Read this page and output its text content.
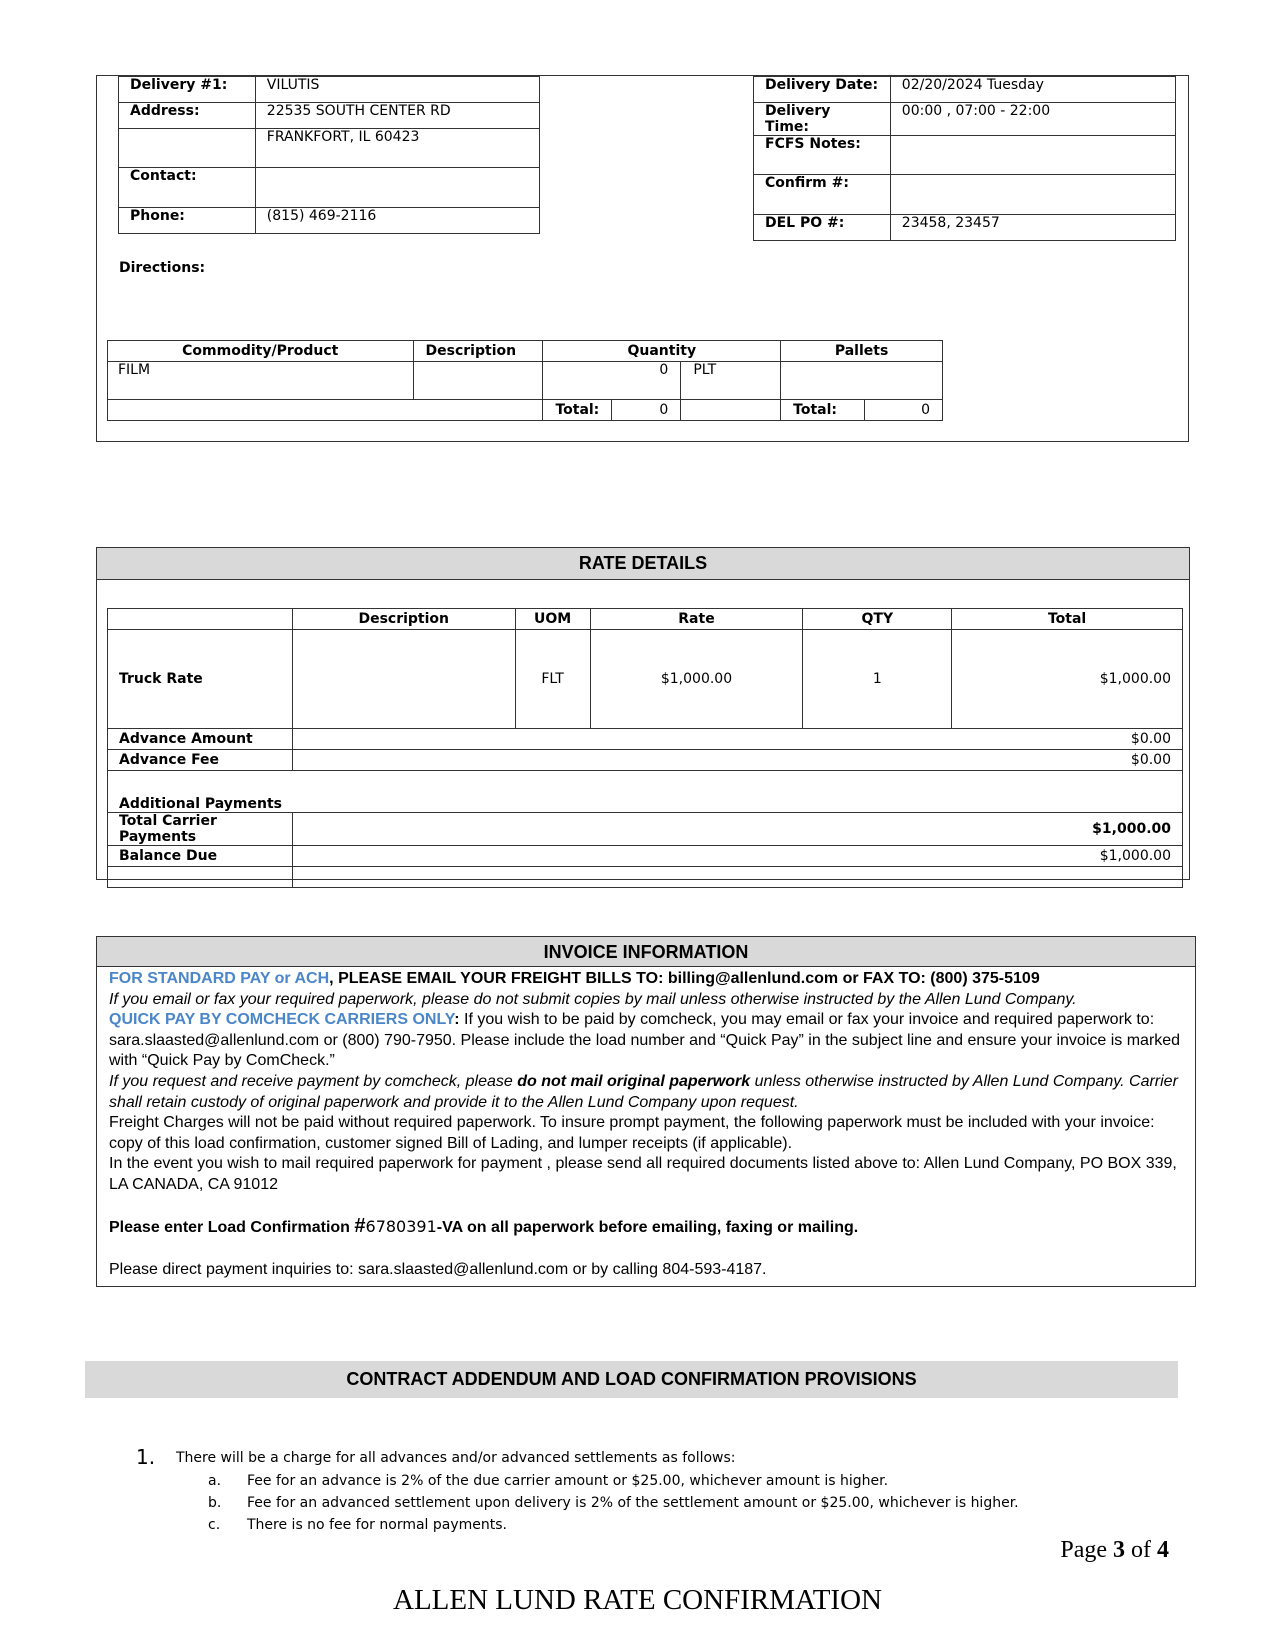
Delivery #1:	VILUTIS
Address:	22535 SOUTH CENTER RD
	FRANKFORT, IL 60423
Contact:	
Phone:	(815) 469-2116
Delivery Date:	02/20/2024 Tuesday
Delivery Time:	00:00 , 07:00 - 22:00
FCFS Notes:	
Confirm #:	
DEL PO #:	23458, 23457
Directions:
Commodity/Product	Description	Quantity			Pallets	
FILM		0		PLT		
		Total:	0		Total:	0
RATE DETAILS
	Description	UOM	Rate	QTY	Total
Truck Rate		FLT	$1,000.00	1	$1,000.00
Advance Amount	$0.00				
Advance Fee	$0.00				
Additional Payments					
Total Carrier Payments	$1,000.00				
Balance Due	$1,000.00				

INVOICE INFORMATION
FOR STANDARD PAY or ACH, PLEASE EMAIL YOUR FREIGHT BILLS TO: billing@allenlund.com or FAX TO: (800) 375-5109
If you email or fax your required paperwork, please do not submit copies by mail unless otherwise instructed by the Allen Lund Company.
QUICK PAY BY COMCHECK CARRIERS ONLY: If you wish to be paid by comcheck, you may email or fax your invoice and required paperwork to: sara.slaasted@allenlund.com or (800) 790-7950. Please include the load number and “Quick Pay” in the subject line and ensure your invoice is marked with “Quick Pay by ComCheck.”
If you request and receive payment by comcheck, please do not mail original paperwork unless otherwise instructed by Allen Lund Company. Carrier shall retain custody of original paperwork and provide it to the Allen Lund Company upon request.
Freight Charges will not be paid without required paperwork. To insure prompt payment, the following paperwork must be included with your invoice: copy of this load confirmation, customer signed Bill of Lading, and lumper receipts (if applicable).
In the event you wish to mail required paperwork for payment , please send all required documents listed above to: Allen Lund Company, PO BOX 339, LA CANADA, CA 91012
Please enter Load Confirmation #6780391-VA on all paperwork before emailing, faxing or mailing.
Please direct payment inquiries to: sara.slaasted@allenlund.com or by calling 804-593-4187.
CONTRACT ADDENDUM AND LOAD CONFIRMATION PROVISIONS
1. There will be a charge for all advances and/or advanced settlements as follows:
a. Fee for an advance is 2% of the due carrier amount or $25.00, whichever amount is higher.
b. Fee for an advanced settlement upon delivery is 2% of the settlement amount or $25.00, whichever is higher.
c. There is no fee for normal payments.
Page 3 of 4
ALLEN LUND RATE CONFIRMATION
